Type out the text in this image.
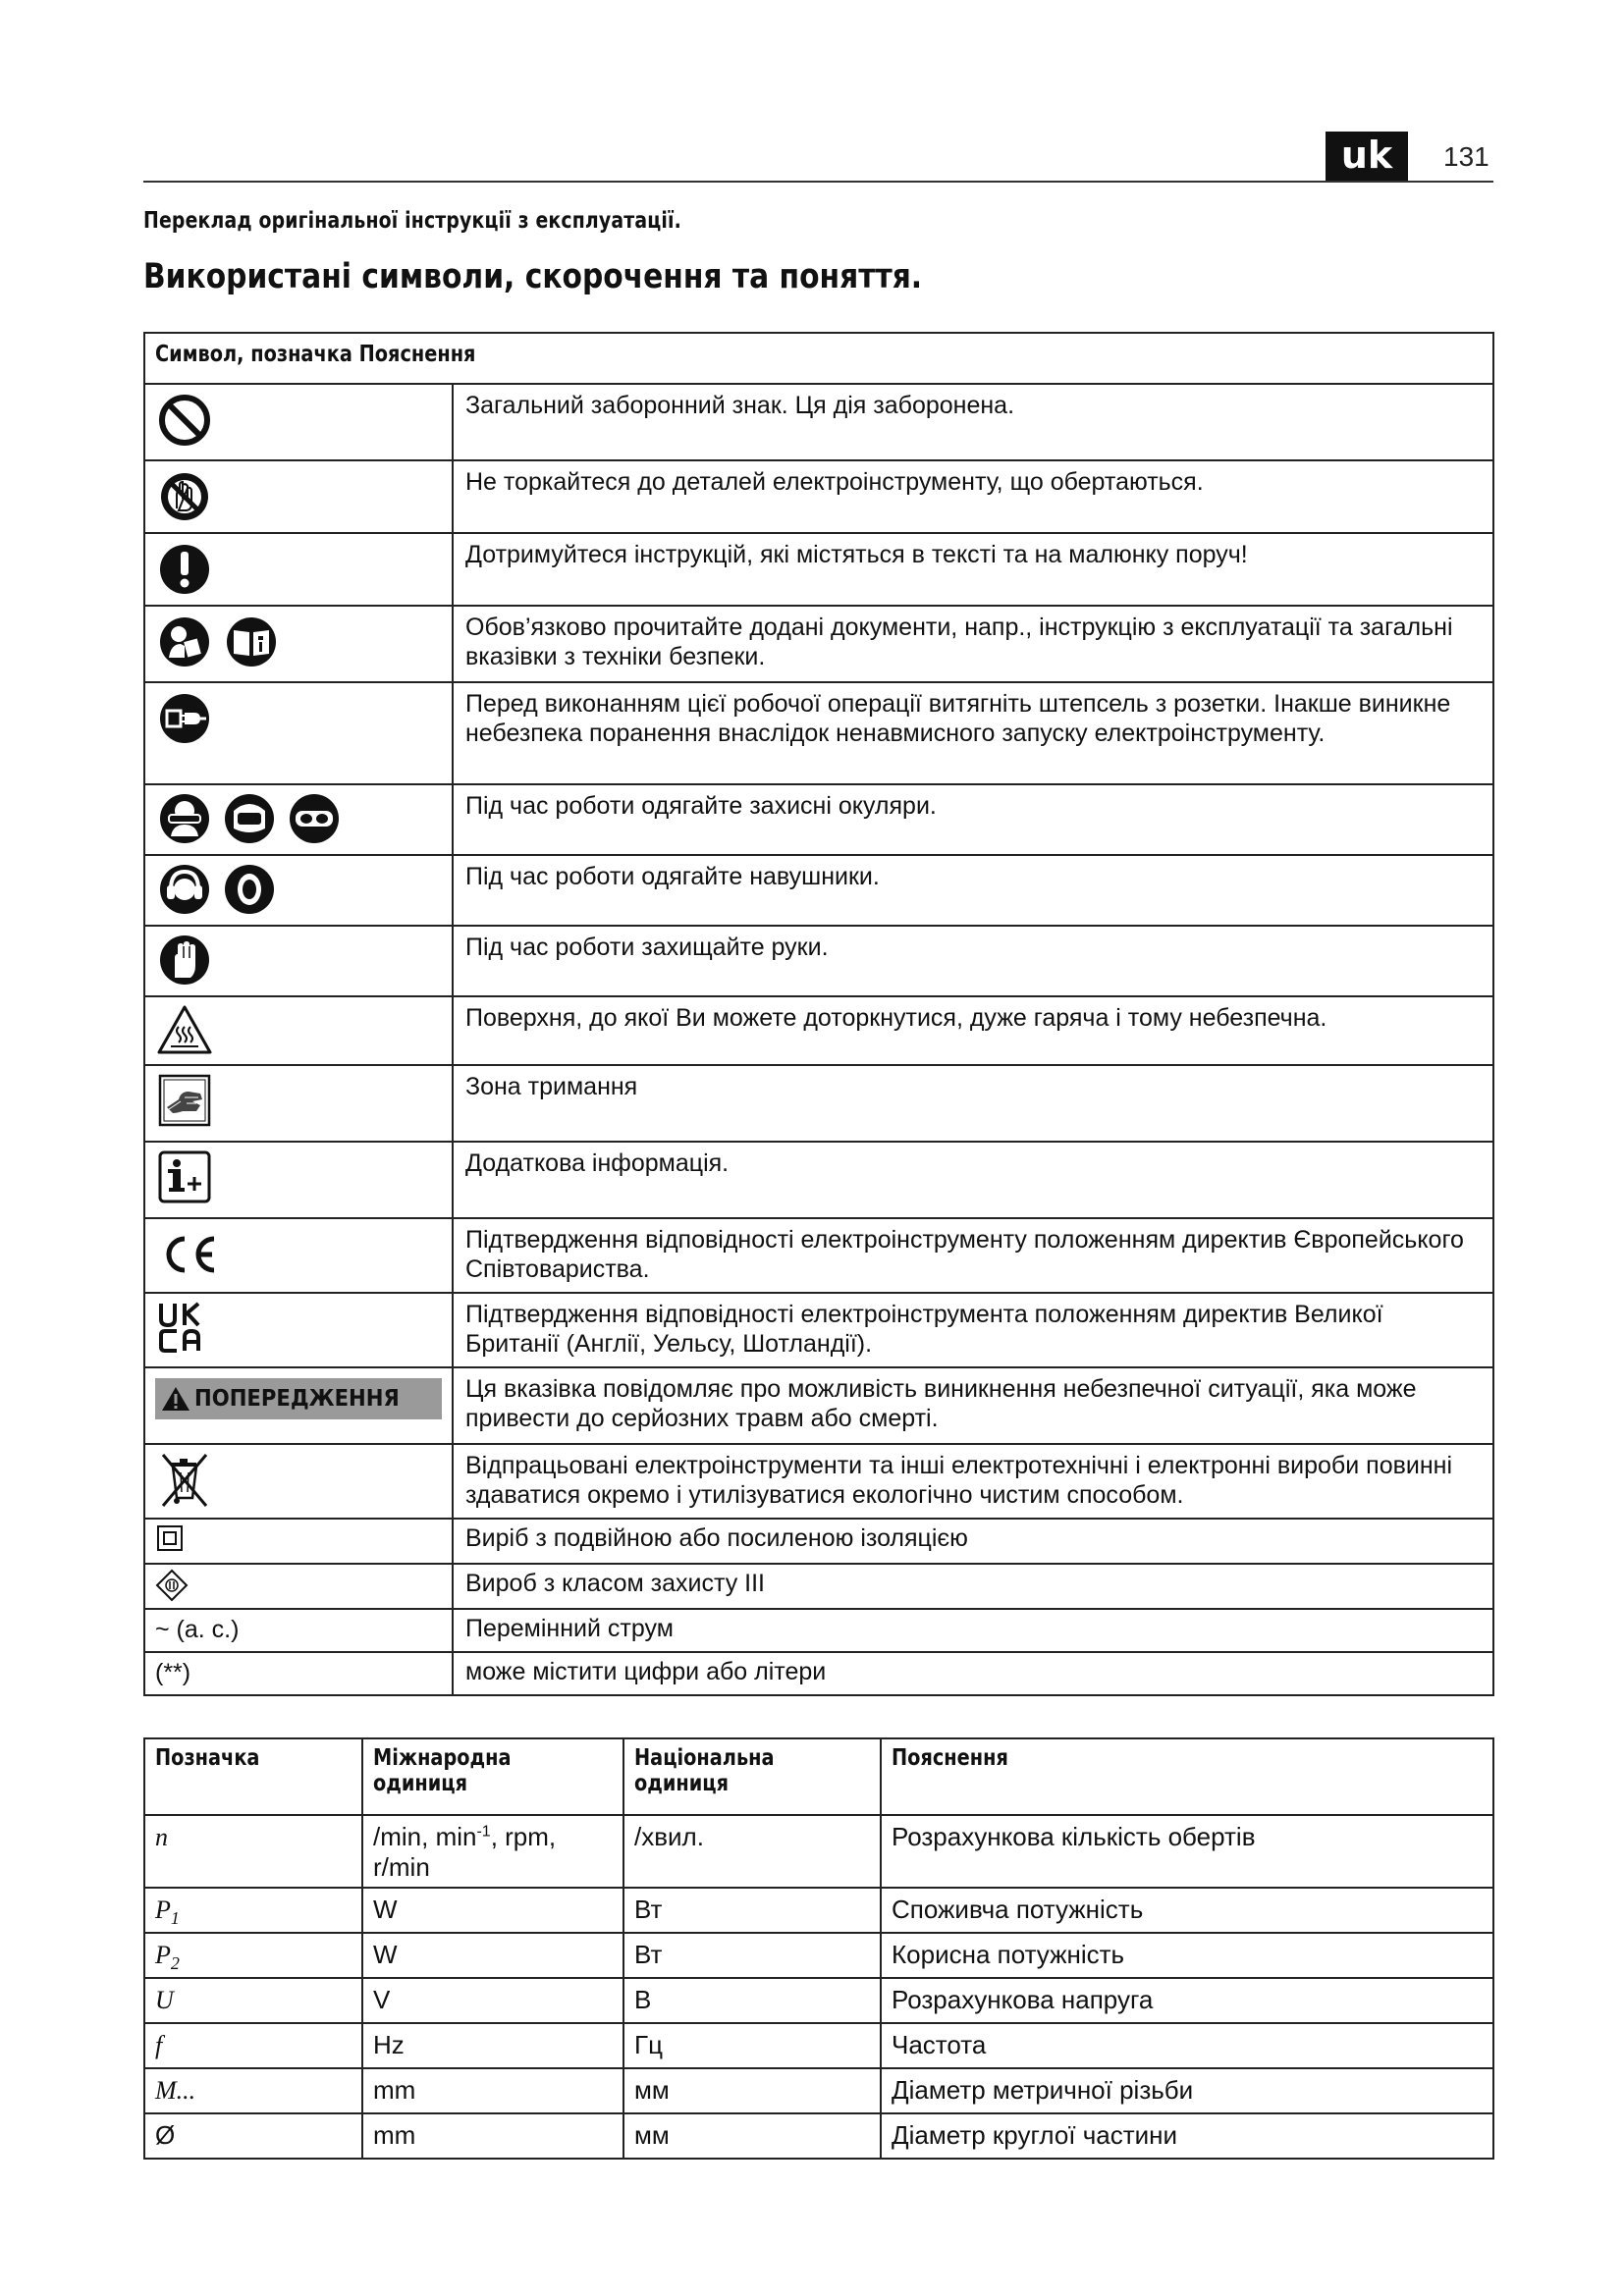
uk	131
Переклад оригінальної інструкції з експлуатації.
Використані символи, скорочення та поняття.
Символ, позначка Пояснення	

	Загальний заборонний знак. Ця дія заборонена.

	Не торкайтеся до деталей електроінструменту, що обертаються.

	Дотримуйтеся інструкцій, які містяться в тексті та на малюнку поруч!

	Обов’язково прочитайте додані документи, напр., інструкцію з експлуатації та загальні вказівки з техніки безпеки.

	Перед виконанням цієї робочої операції витягніть штепсель з розетки. Інакше виникне небезпека поранення внаслідок ненавмисного запуску електроінструменту.

	Під час роботи одягайте захисні окуляри.

	Під час роботи одягайте навушники.

	Під час роботи захищайте руки.

	Поверхня, до якої Ви можете доторкнутися, дуже гаряча і тому небезпечна.

	Зона тримання

	Додаткова інформація.

	Підтвердження відповідності електроінструменту положенням директив Європейського Співтовариства.

	Підтвердження відповідності електроінструмента положенням директив Великої Британії (Англії, Уельсу, Шотландії).

ПОПЕРЕДЖЕННЯ	Ця вказівка повідомляє про можливість виникнення небезпечної ситуації, яка може привести до серйозних травм або смерті.

	Відпрацьовані електроінструменти та інші електротехнічні і електронні вироби повинні здаватися окремо і утилізуватися екологічно чистим способом.

	Виріб з подвійною або посиленою ізоляцією

	Вироб з класом захисту III

~ (a. c.)	Перемінний струм

(**)	може містити цифри або літери
Позначка	Міжнародна одиниця	Національна одиниця	Пояснення
n	/min, $\min^{-1}$, rpm, r/min	/хвил.	Розрахункова кількість обертів
$P_1$	W	Вт	Споживча потужність
$P_2$	W	Вт	Корисна потужність
U	V	В	Розрахункова напруга
f	Hz	Гц	Частота
M...	mm	мм	Діаметр метричної різьби
Ø	mm	мм	Діаметр круглої частини
